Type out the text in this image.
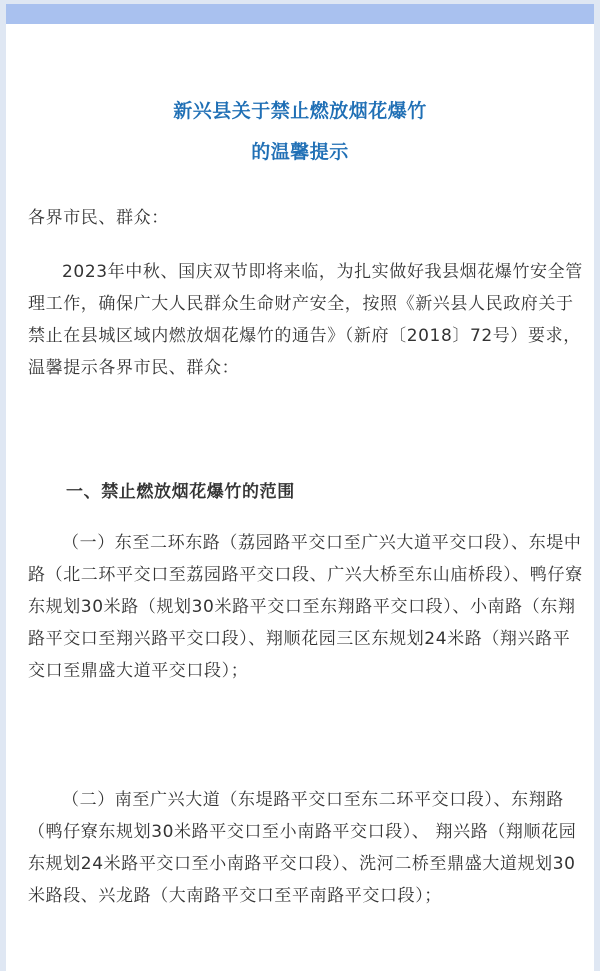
新兴县关于禁止燃放烟花爆竹
的温馨提示
各界市民、群众：
2023年中秋、国庆双节即将来临，为扎实做好我县烟花爆竹安全管理工作，确保广大人民群众生命财产安全，按照《新兴县人民政府关于禁止在县城区域内燃放烟花爆竹的通告》（新府〔2018〕72号）要求，温馨提示各界市民、群众：
一、禁止燃放烟花爆竹的范围
（一）东至二环东路（荔园路平交口至广兴大道平交口段）、东堤中路（北二环平交口至荔园路平交口段、广兴大桥至东山庙桥段）、鸭仔寮东规划30米路（规划30米路平交口至东翔路平交口段）、小南路（东翔路平交口至翔兴路平交口段）、翔顺花园三区东规划24米路（翔兴路平交口至鼎盛大道平交口段）；
（二）南至广兴大道（东堤路平交口至东二环平交口段）、东翔路（鸭仔寮东规划30米路平交口至小南路平交口段）、 翔兴路（翔顺花园东规划24米路平交口至小南路平交口段）、洗河二桥至鼎盛大道规划30米路段、兴龙路（大南路平交口至平南路平交口段）；
